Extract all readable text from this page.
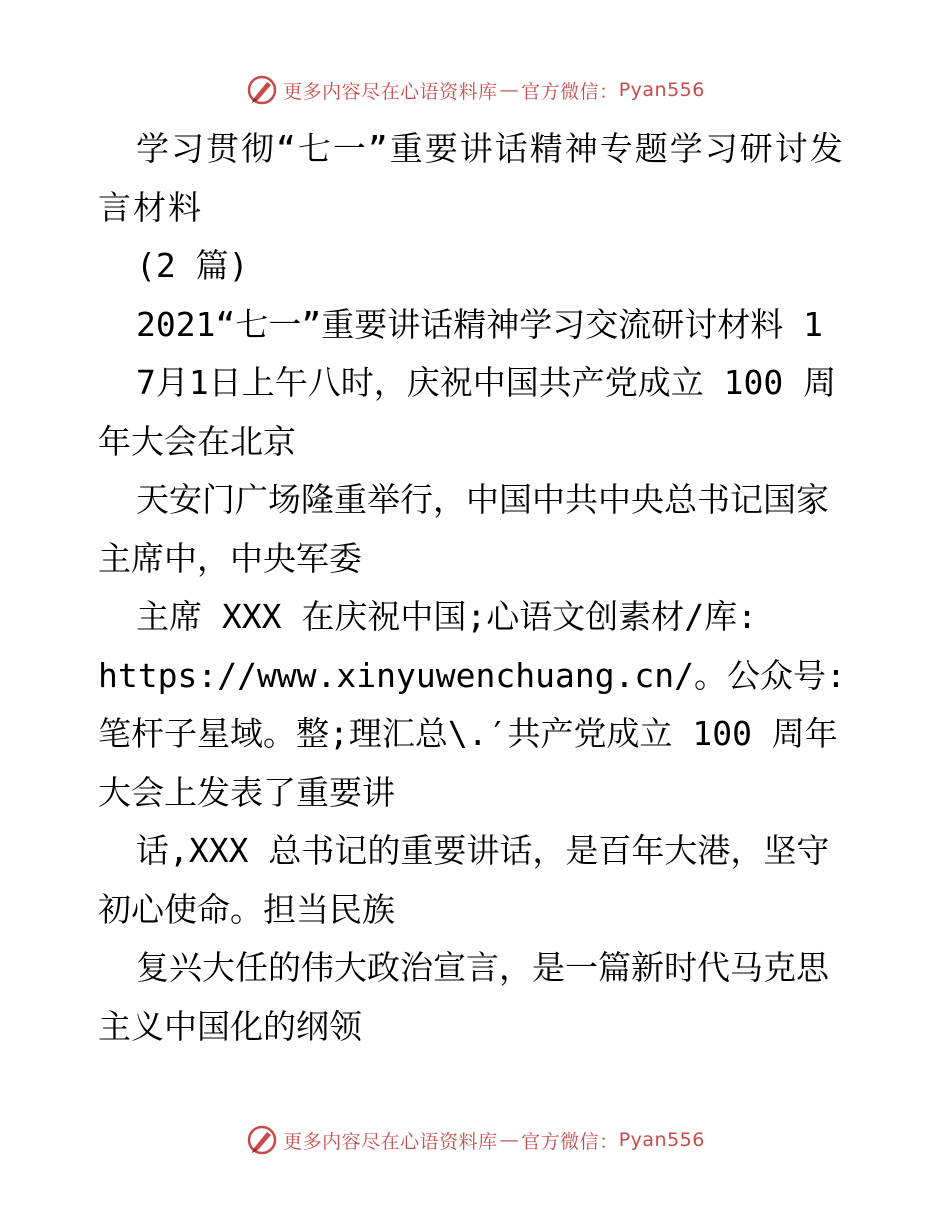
更多内容尽在心语资料库 — 官方微信： Pyan556

学习贯彻“七一”重要讲话精神专题学习研讨发言材料

(2 篇)

2021“七一”重要讲话精神学习交流研讨材料 1

7月1日上午八时，庆祝中国共产党成立 100 周年大会在北京

天安门广场隆重举行，中国中共中央总书记国家主席中，中央军委

主席 XXX 在庆祝中国;心语文创素材/库:

https://www.xinyuwenchuang.cn/。公众号: 笔杆子星域。整;理汇总\.′共产党成立 100 周年大会上发表了重要讲

话,XXX 总书记的重要讲话，是百年大港，坚守初心使命。担当民族

复兴大任的伟大政治宣言，是一篇新时代马克思主义中国化的纲领

更多内容尽在心语资料库 — 官方微信： Pyan556
